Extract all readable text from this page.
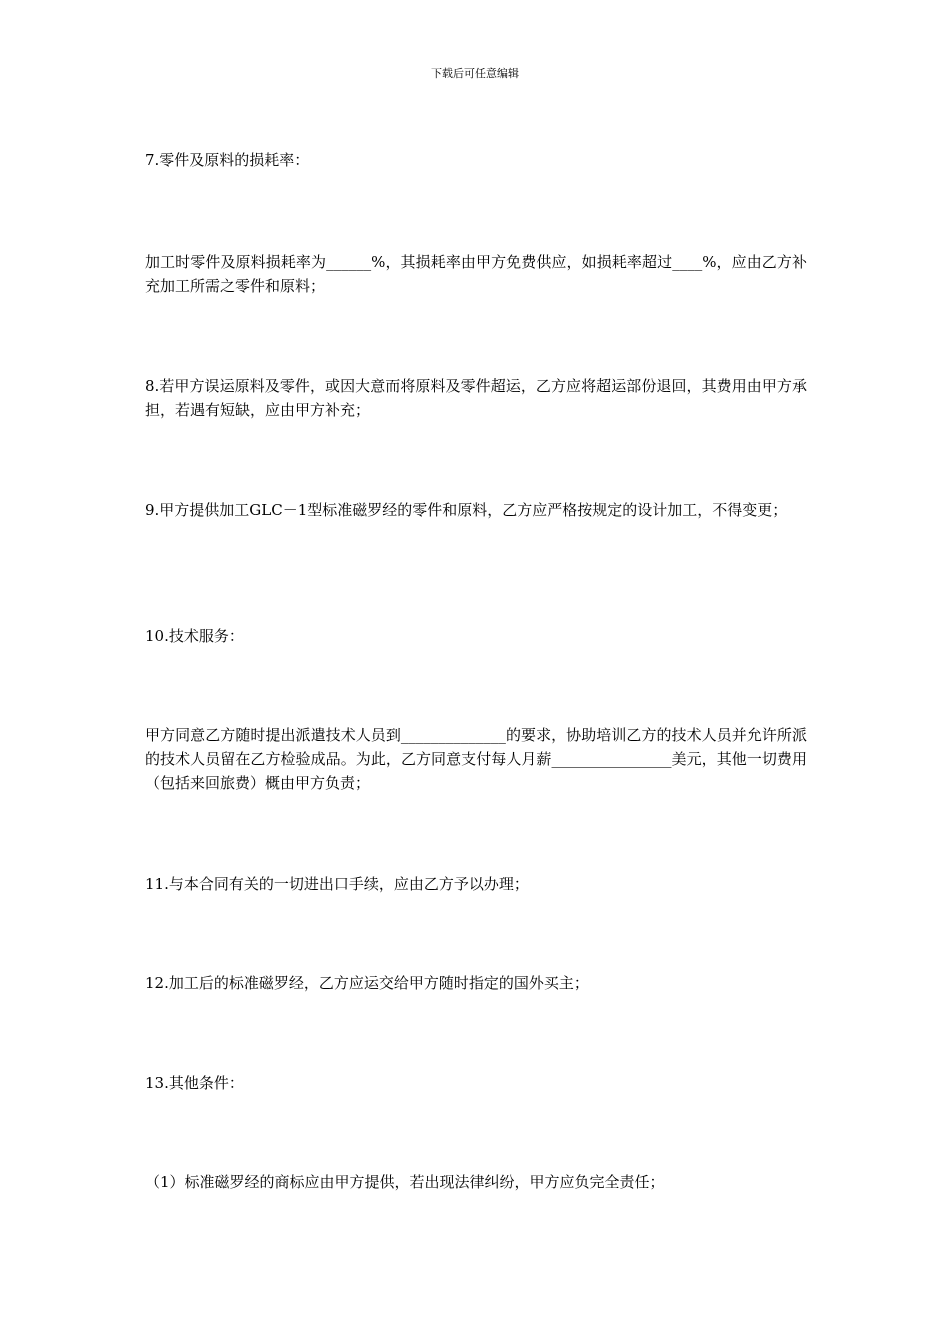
下载后可任意编辑

7.零件及原料的损耗率：

加工时零件及原料损耗率为______%，其损耗率由甲方免费供应，如损耗率超过____%，应由乙方补充加工所需之零件和原料；

8.若甲方误运原料及零件，或因大意而将原料及零件超运，乙方应将超运部份退回，其费用由甲方承担，若遇有短缺，应由甲方补充；

9.甲方提供加工GLC－1型标准磁罗经的零件和原料，乙方应严格按规定的设计加工，不得变更；

10.技术服务：

甲方同意乙方随时提出派遣技术人员到______________的要求，协助培训乙方的技术人员并允许所派的技术人员留在乙方检验成品。为此，乙方同意支付每人月薪________________美元，其他一切费用（包括来回旅费）概由甲方负责；

11.与本合同有关的一切进出口手续，应由乙方予以办理；

12.加工后的标准磁罗经，乙方应运交给甲方随时指定的国外买主；

13.其他条件：

（1）标准磁罗经的商标应由甲方提供，若出现法律纠纷，甲方应负完全责任；
